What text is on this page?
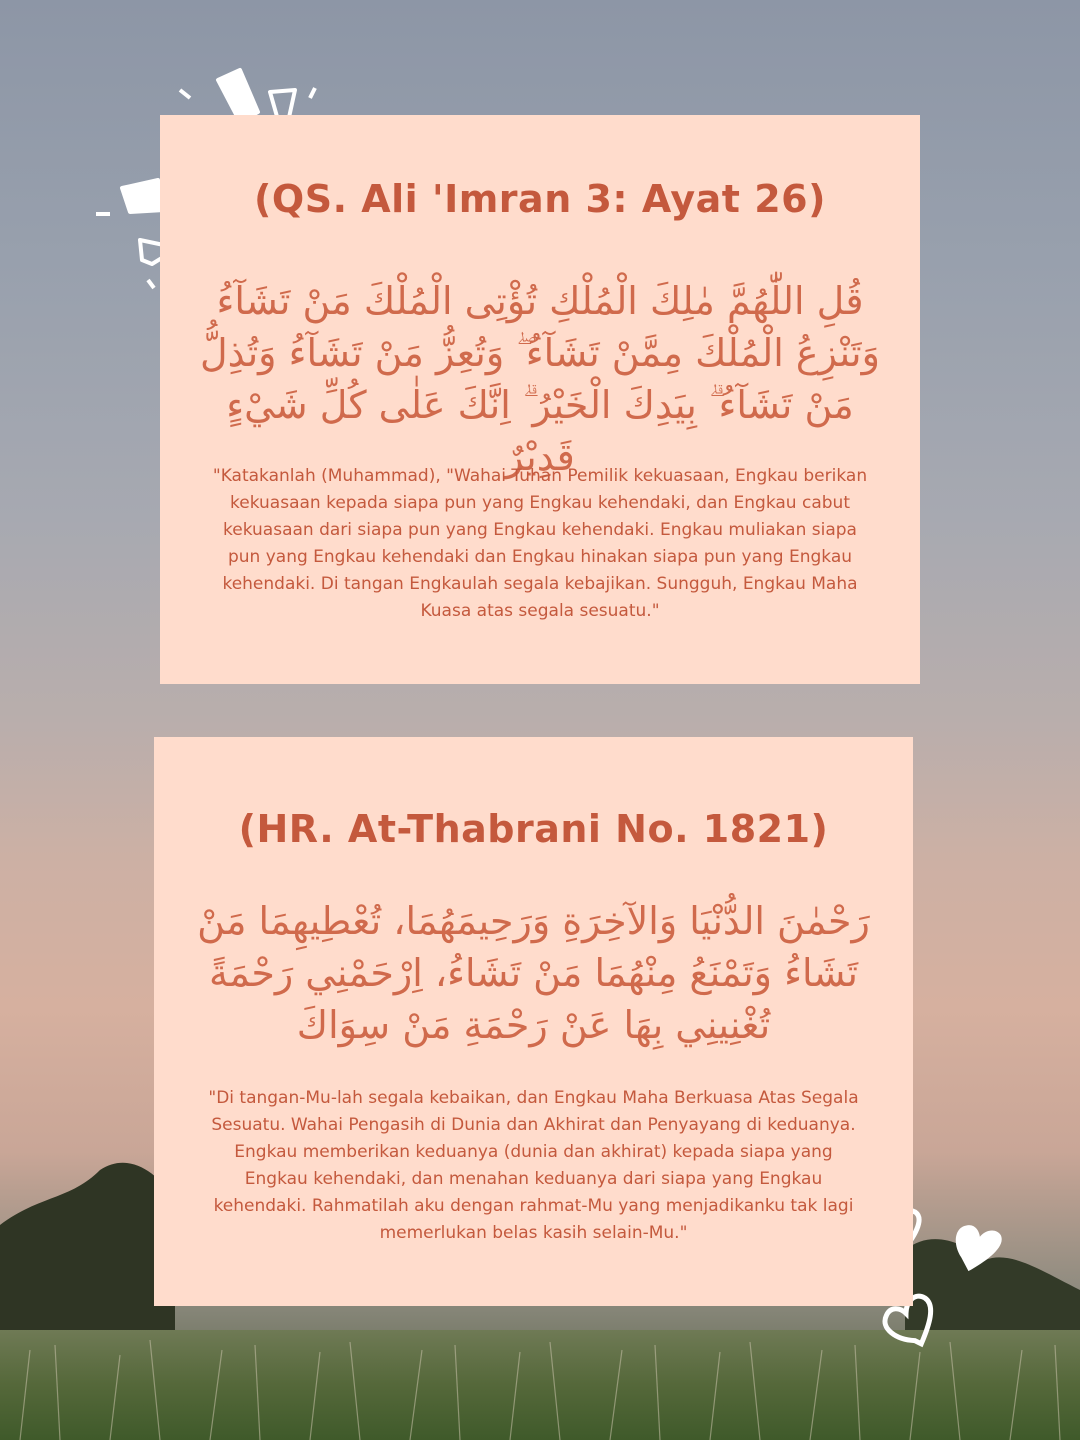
(QS. Ali 'Imran 3: Ayat 26)
قُلِ اللّٰهُمَّ مٰلِكَ الْمُلْكِ تُؤْتِى الْمُلْكَ مَنْ تَشَآءُ وَتَنْزِعُ الْمُلْكَ مِمَّنْ تَشَآءُ ۖ وَتُعِزُّ مَنْ تَشَآءُ وَتُذِلُّ مَنْ تَشَآءُ ۗ بِيَدِكَ الْخَيْرُ ۗ اِنَّكَ عَلٰى كُلِّ شَيْءٍ قَدِيْرٌ
"Katakanlah (Muhammad), "Wahai Tuhan Pemilik kekuasaan, Engkau berikan kekuasaan kepada siapa pun yang Engkau kehendaki, dan Engkau cabut kekuasaan dari siapa pun yang Engkau kehendaki. Engkau muliakan siapa pun yang Engkau kehendaki dan Engkau hinakan siapa pun yang Engkau kehendaki. Di tangan Engkaulah segala kebajikan. Sungguh, Engkau Maha Kuasa atas segala sesuatu."
(HR. At-Thabrani No. 1821)
رَحْمٰنَ الدُّنْيَا وَالآخِرَةِ وَرَحِيمَهُمَا، تُعْطِيهِمَا مَنْ تَشَاءُ وَتَمْنَعُ مِنْهُمَا مَنْ تَشَاءُ، اِرْحَمْنِي رَحْمَةً تُغْنِينِي بِهَا عَنْ رَحْمَةِ مَنْ سِوَاكَ
"Di tangan-Mu-lah segala kebaikan, dan Engkau Maha Berkuasa Atas Segala Sesuatu. Wahai Pengasih di Dunia dan Akhirat dan Penyayang di keduanya. Engkau memberikan keduanya (dunia dan akhirat) kepada siapa yang Engkau kehendaki, dan menahan keduanya dari siapa yang Engkau kehendaki. Rahmatilah aku dengan rahmat-Mu yang menjadikanku tak lagi memerlukan belas kasih selain-Mu."
